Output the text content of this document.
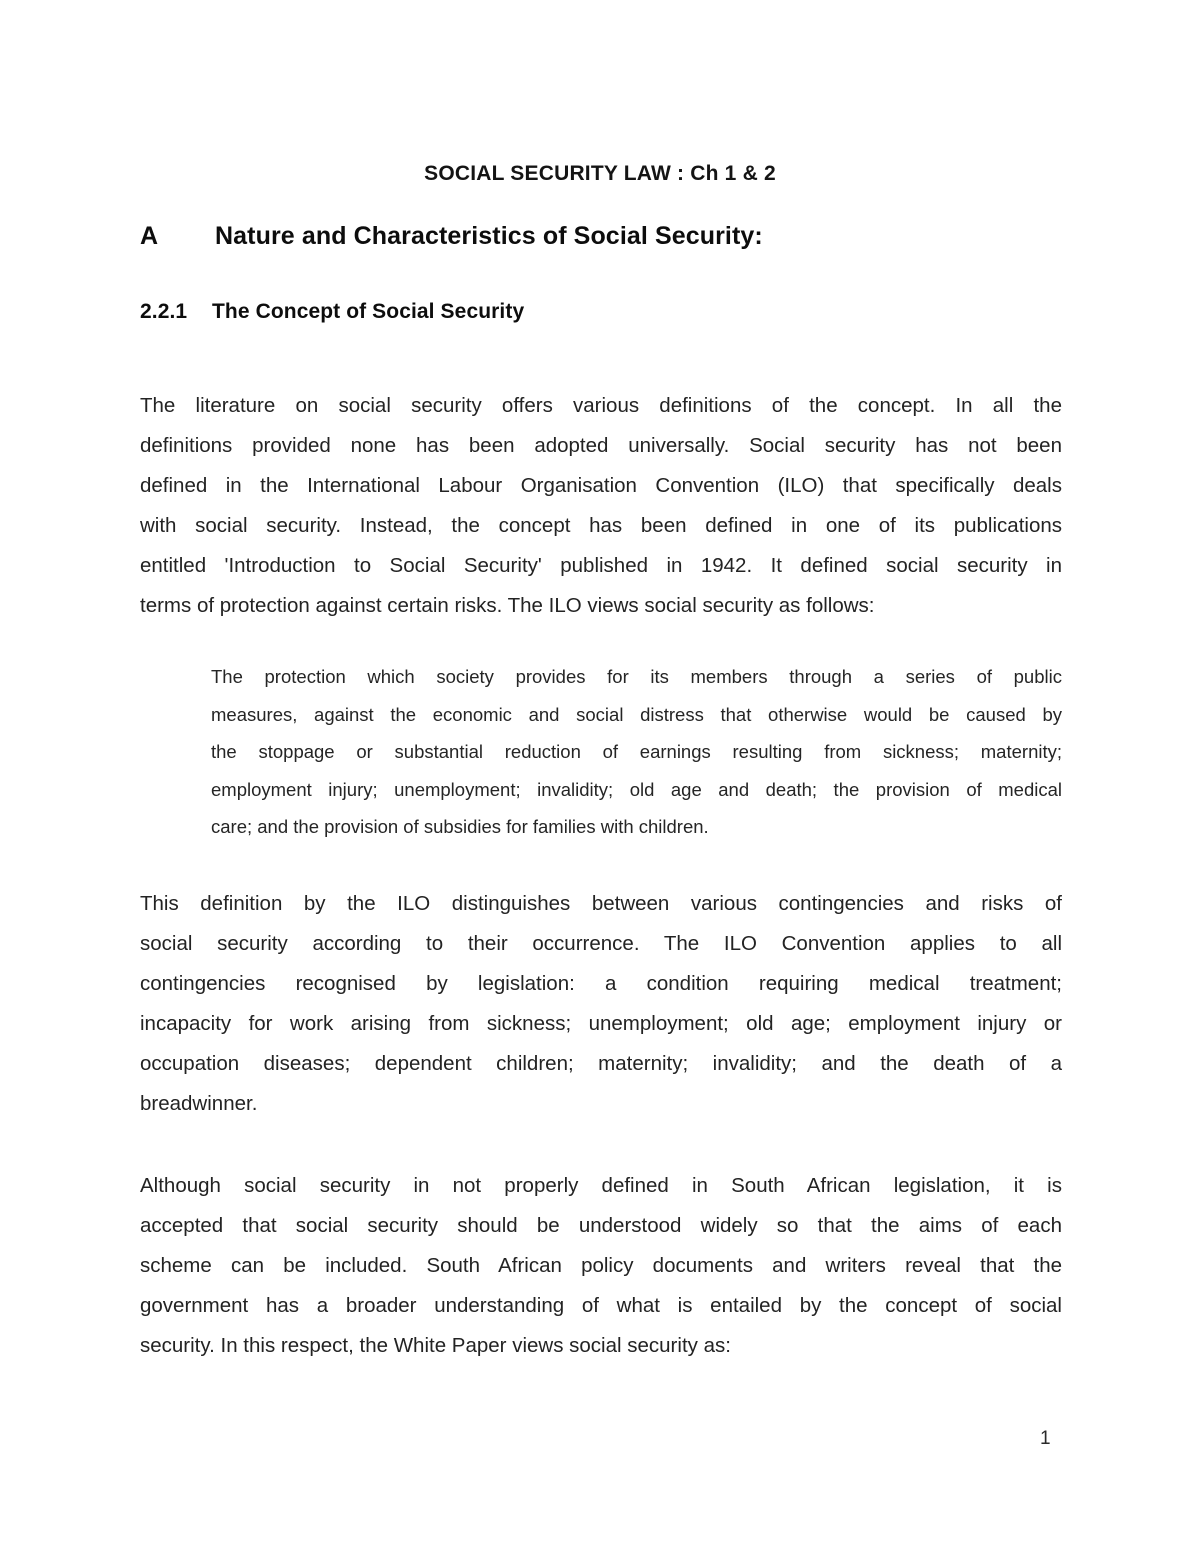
SOCIAL SECURITY LAW : Ch 1 & 2
A Nature and Characteristics of Social Security:
2.2.1 The Concept of Social Security
The literature on social security offers various definitions of the concept. In all the
definitions provided none has been adopted universally. Social security has not been
defined in the International Labour Organisation Convention (ILO) that specifically deals
with social security. Instead, the concept has been defined in one of its publications
entitled 'Introduction to Social Security' published in 1942. It defined social security in
terms of protection against certain risks. The ILO views social security as follows:
The protection which society provides for its members through a series of public
measures, against the economic and social distress that otherwise would be caused by
the stoppage or substantial reduction of earnings resulting from sickness; maternity;
employment injury; unemployment; invalidity; old age and death; the provision of medical
care; and the provision of subsidies for families with children.
This definition by the ILO distinguishes between various contingencies and risks of
social security according to their occurrence. The ILO Convention applies to all
contingencies recognised by legislation: a condition requiring medical treatment;
incapacity for work arising from sickness; unemployment; old age; employment injury or
occupation diseases; dependent children; maternity; invalidity; and the death of a
breadwinner.
Although social security in not properly defined in South African legislation, it is
accepted that social security should be understood widely so that the aims of each
scheme can be included. South African policy documents and writers reveal that the
government has a broader understanding of what is entailed by the concept of social
security. In this respect, the White Paper views social security as:
1
